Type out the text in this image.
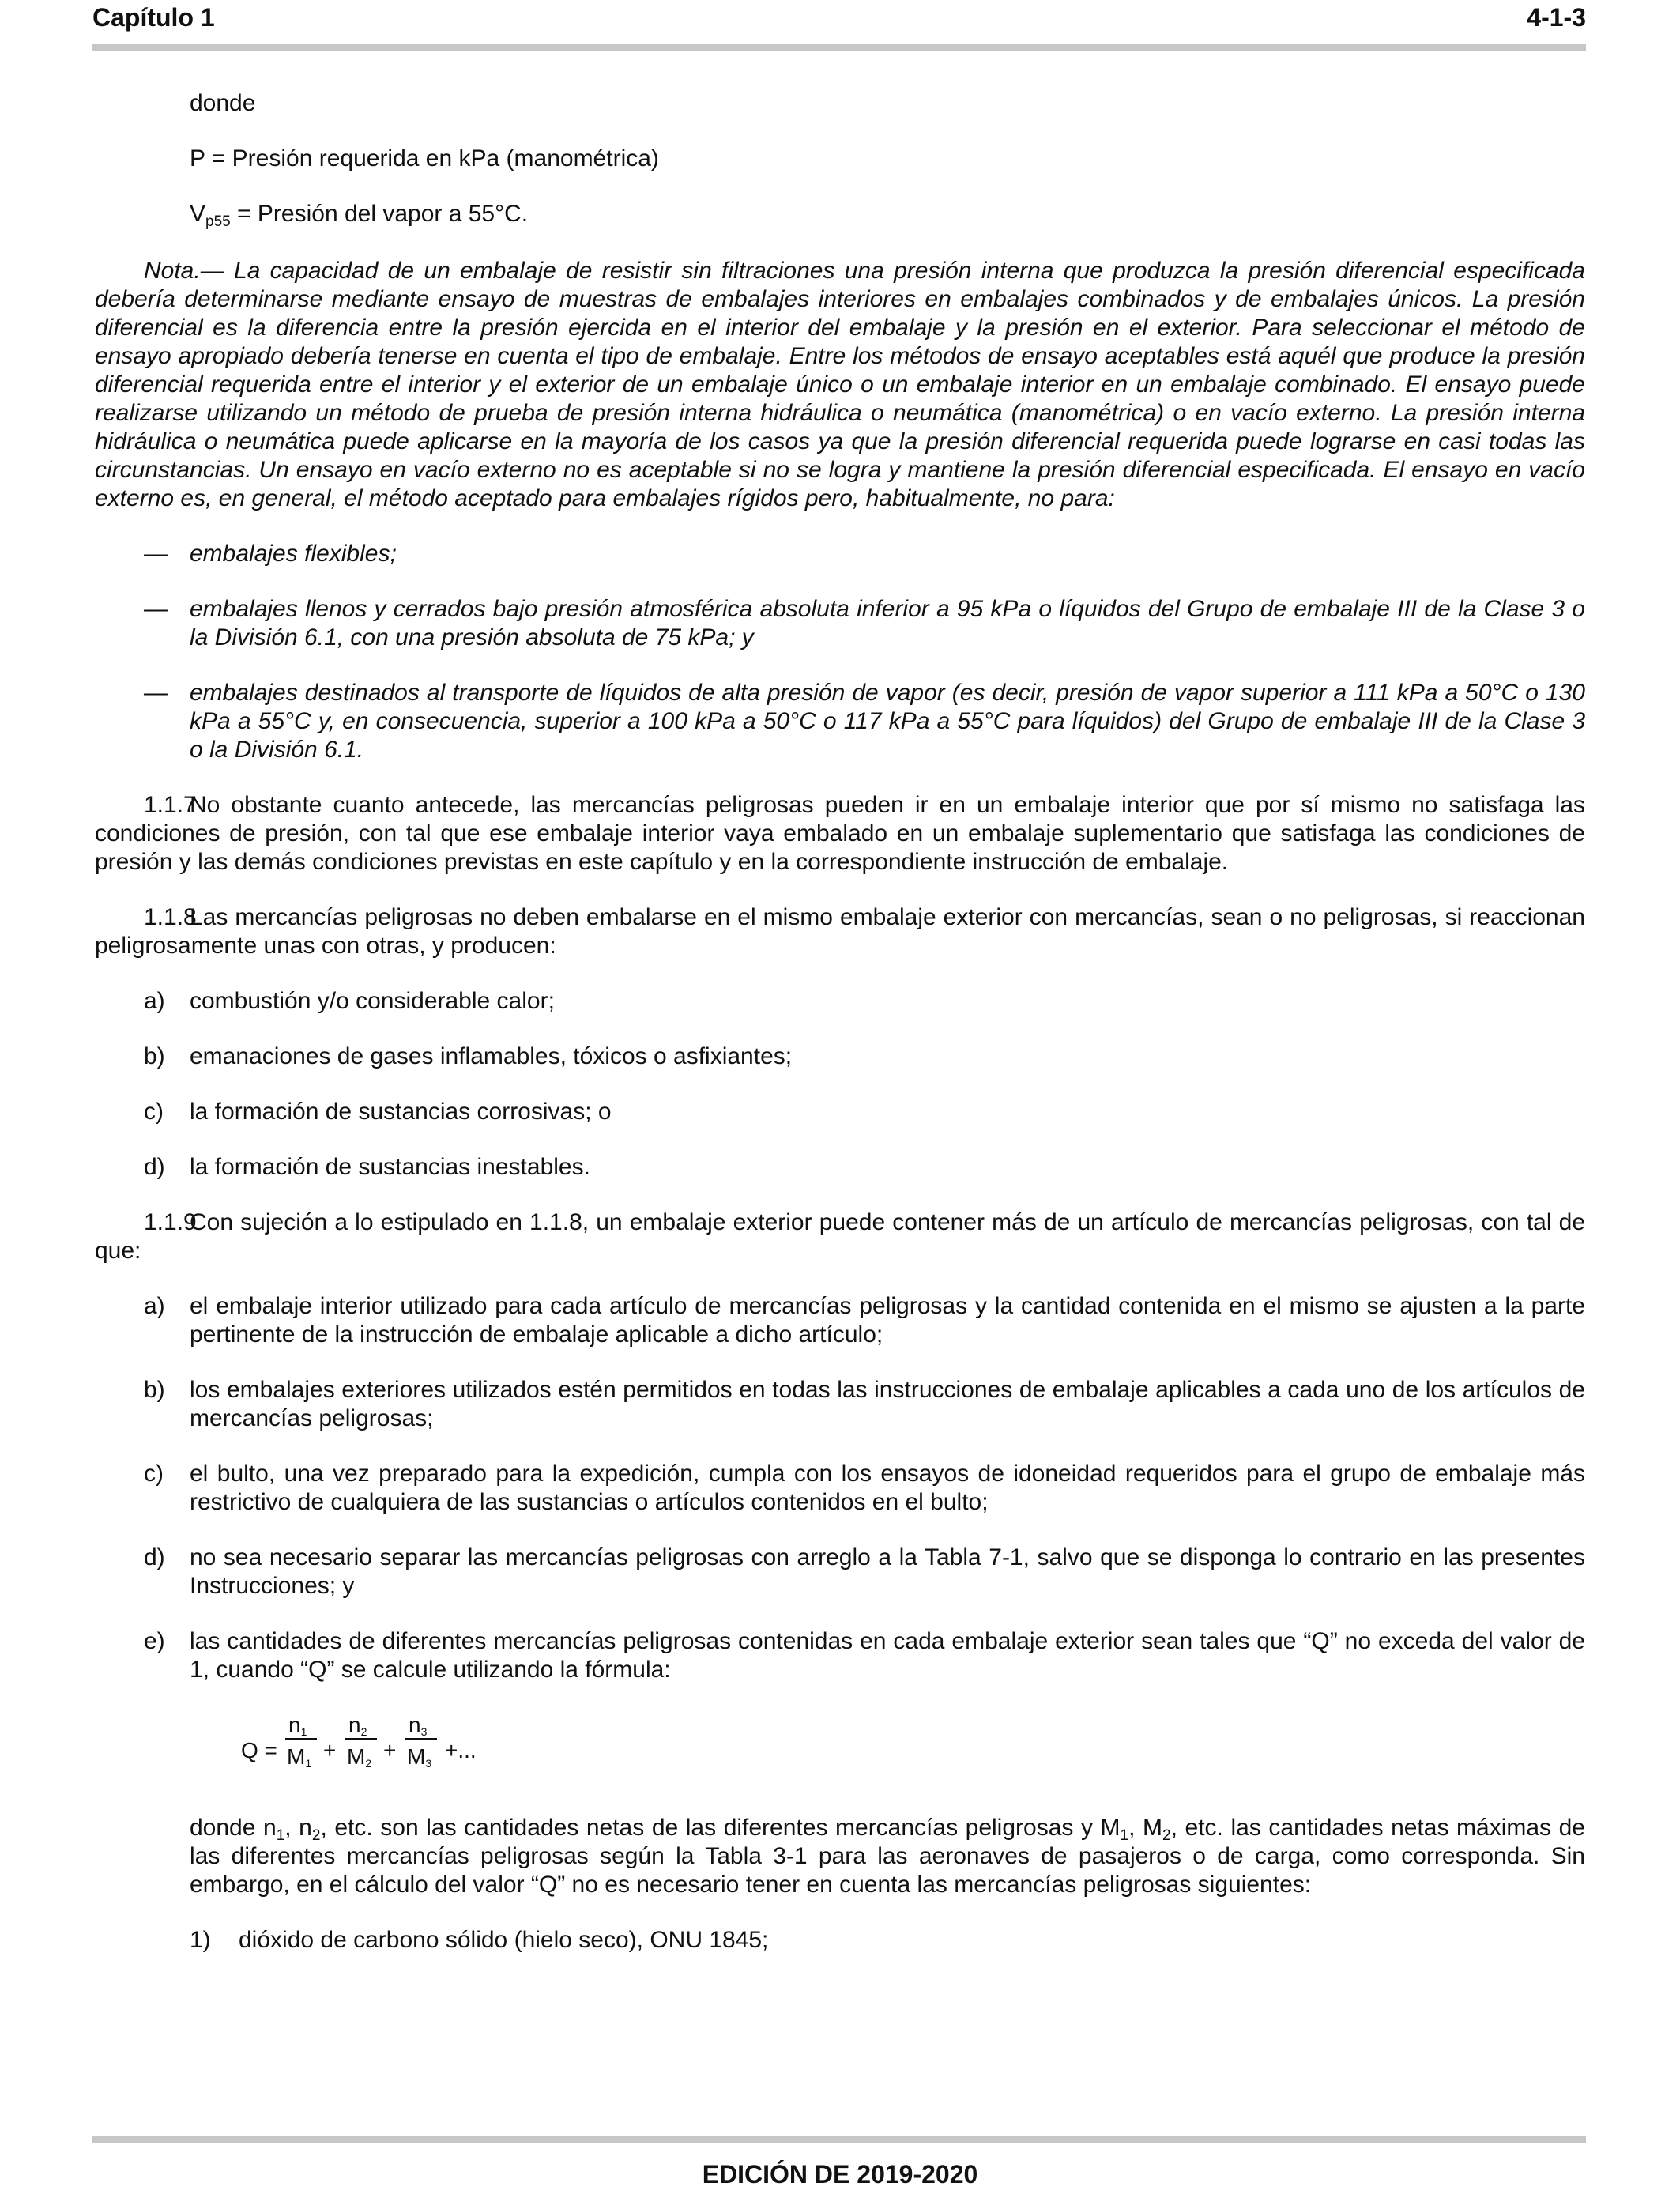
Capítulo 1	4-1-3

donde

P = Presión requerida en kPa (manométrica)

$V_{p55}$ = Presión del vapor a 55°C.

Nota.— La capacidad de un embalaje de resistir sin filtraciones una presión interna que produzca la presión diferencial especificada debería determinarse mediante ensayo de muestras de embalajes interiores en embalajes combinados y de embalajes únicos. La presión diferencial es la diferencia entre la presión ejercida en el interior del embalaje y la presión en el exterior. Para seleccionar el método de ensayo apropiado debería tenerse en cuenta el tipo de embalaje. Entre los métodos de ensayo aceptables está aquél que produce la presión diferencial requerida entre el interior y el exterior de un embalaje único o un embalaje interior en un embalaje combinado. El ensayo puede realizarse utilizando un método de prueba de presión interna hidráulica o neumática (manométrica) o en vacío externo. La presión interna hidráulica o neumática puede aplicarse en la mayoría de los casos ya que la presión diferencial requerida puede lograrse en casi todas las circunstancias. Un ensayo en vacío externo no es aceptable si no se logra y mantiene la presión diferencial especificada. El ensayo en vacío externo es, en general, el método aceptado para embalajes rígidos pero, habitualmente, no para:

— embalajes flexibles;
— embalajes llenos y cerrados bajo presión atmosférica absoluta inferior a 95 kPa o líquidos del Grupo de embalaje III de la Clase 3 o la División 6.1, con una presión absoluta de 75 kPa; y
— embalajes destinados al transporte de líquidos de alta presión de vapor (es decir, presión de vapor superior a 111 kPa a 50°C o 130 kPa a 55°C y, en consecuencia, superior a 100 kPa a 50°C o 117 kPa a 55°C para líquidos) del Grupo de embalaje III de la Clase 3 o la División 6.1.

1.1.7No obstante cuanto antecede, las mercancías peligrosas pueden ir en un embalaje interior que por sí mismo no satisfaga las condiciones de presión, con tal que ese embalaje interior vaya embalado en un embalaje suplementario que satisfaga las condiciones de presión y las demás condiciones previstas en este capítulo y en la correspondiente instrucción de embalaje.

1.1.8Las mercancías peligrosas no deben embalarse en el mismo embalaje exterior con mercancías, sean o no peligrosas, si reaccionan peligrosamente unas con otras, y producen:

a) combustión y/o considerable calor;
b) emanaciones de gases inflamables, tóxicos o asfixiantes;
c) la formación de sustancias corrosivas; o
d) la formación de sustancias inestables.

1.1.9Con sujeción a lo estipulado en 1.1.8, un embalaje exterior puede contener más de un artículo de mercancías peligrosas, con tal de que:

a) el embalaje interior utilizado para cada artículo de mercancías peligrosas y la cantidad contenida en el mismo se ajusten a la parte pertinente de la instrucción de embalaje aplicable a dicho artículo;
b) los embalajes exteriores utilizados estén permitidos en todas las instrucciones de embalaje aplicables a cada uno de los artículos de mercancías peligrosas;
c) el bulto, una vez preparado para la expedición, cumpla con los ensayos de idoneidad requeridos para el grupo de embalaje más restrictivo de cualquiera de las sustancias o artículos contenidos en el bulto;
d) no sea necesario separar las mercancías peligrosas con arreglo a la Tabla 7-1, salvo que se disponga lo contrario en las presentes Instrucciones; y
e) las cantidades de diferentes mercancías peligrosas contenidas en cada embalaje exterior sean tales que “Q” no exceda del valor de 1, cuando “Q” se calcule utilizando la fórmula:
Q =
n1
M1
+
n2
M2
+
n3
M3
+...

donde $n_1$, $n_2$, etc. son las cantidades netas de las diferentes mercancías peligrosas y $M_1$, $M_2$, etc. las cantidades netas máximas de las diferentes mercancías peligrosas según la Tabla 3-1 para las aeronaves de pasajeros o de carga, como corresponda. Sin embargo, en el cálculo del valor “Q” no es necesario tener en cuenta las mercancías peligrosas siguientes:

1) dióxido de carbono sólido (hielo seco), ONU 1845;
EDICIÓN DE 2019-2020
